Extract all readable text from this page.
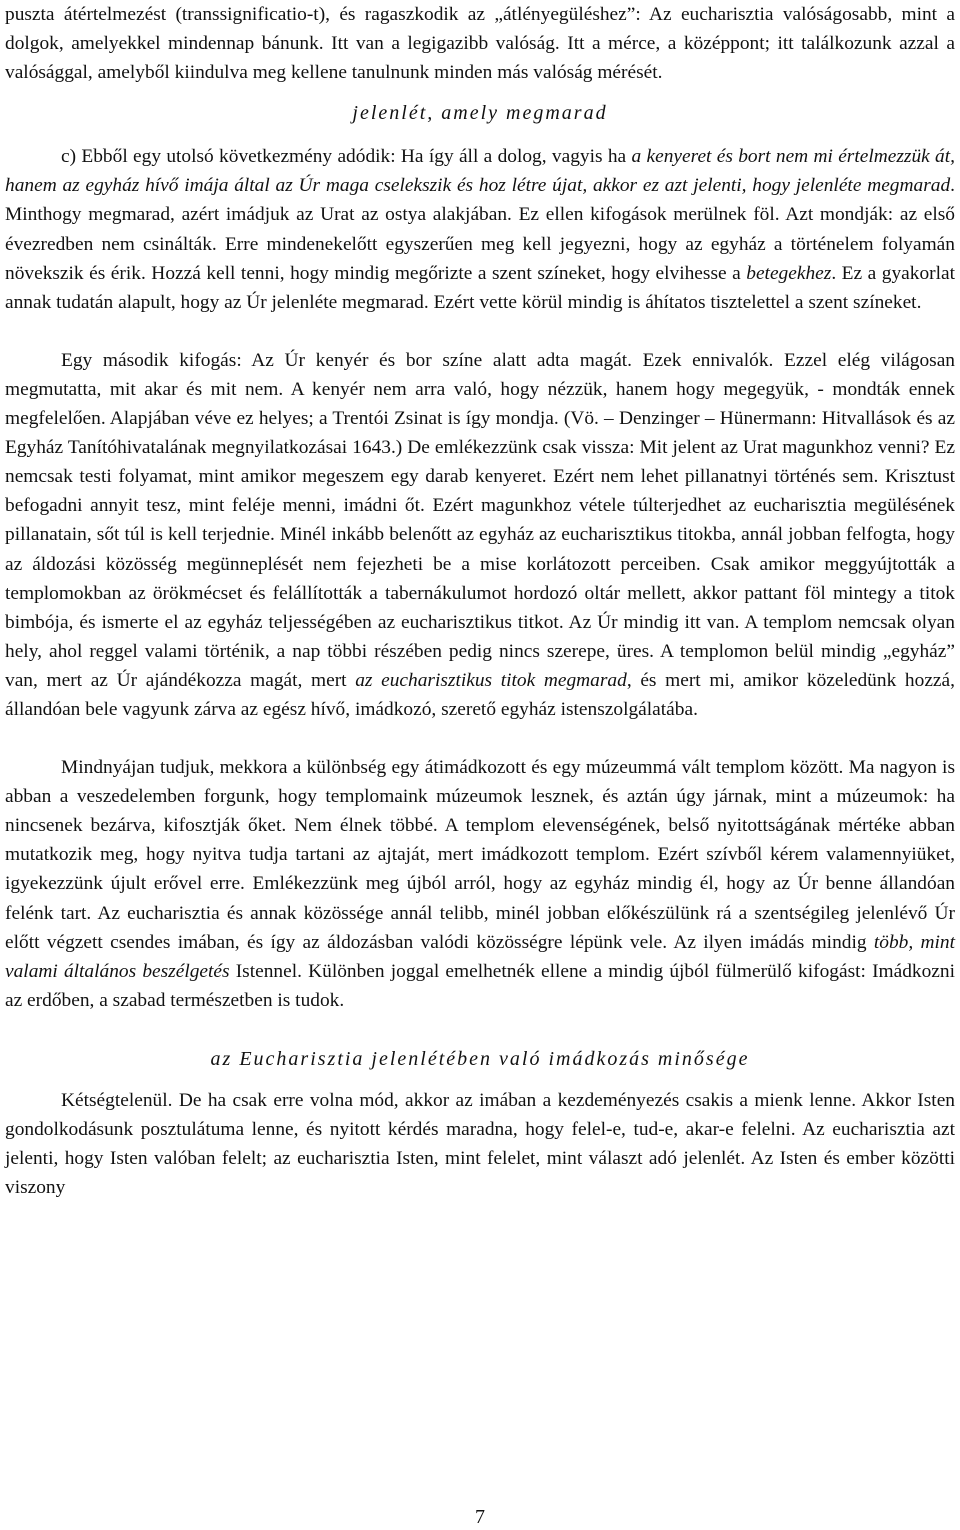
puszta átértelmezést (transsignificatio-t), és ragaszkodik az „átlényegüléshez”: Az eucharisztia valóságosabb, mint a dolgok, amelyekkel mindennap bánunk. Itt van a legigazibb valóság. Itt a mérce, a középpont; itt találkozunk azzal a valósággal, amelyből kiindulva meg kellene tanulnunk minden más valóság mérését.

jelenlét, amely megmarad

c) Ebből egy utolsó következmény adódik: Ha így áll a dolog, vagyis ha a kenyeret és bort nem mi értelmezzük át, hanem az egyház hívő imája által az Úr maga cselekszik és hoz létre újat, akkor ez azt jelenti, hogy jelenléte megmarad. Minthogy megmarad, azért imádjuk az Urat az ostya alakjában. Ez ellen kifogások merülnek föl. Azt mondják: az első évezredben nem csinálták. Erre mindenekelőtt egyszerűen meg kell jegyezni, hogy az egyház a történelem folyamán növekszik és érik. Hozzá kell tenni, hogy mindig megőrizte a szent színeket, hogy elvihesse a betegekhez. Ez a gyakorlat annak tudatán alapult, hogy az Úr jelenléte megmarad. Ezért vette körül mindig is áhítatos tisztelettel a szent színeket.

Egy második kifogás: Az Úr kenyér és bor színe alatt adta magát. Ezek ennivalók. Ezzel elég világosan megmutatta, mit akar és mit nem. A kenyér nem arra való, hogy nézzük, hanem hogy megegyük, - mondták ennek megfelelően. Alapjában véve ez helyes; a Trentói Zsinat is így mondja. (Vö. – Denzinger – Hünermann: Hitvallások és az Egyház Tanítóhivatalának megnyilatkozásai 1643.) De emlékezzünk csak vissza: Mit jelent az Urat magunkhoz venni? Ez nemcsak testi folyamat, mint amikor megeszem egy darab kenyeret. Ezért nem lehet pillanatnyi történés sem. Krisztust befogadni annyit tesz, mint feléje menni, imádni őt. Ezért magunkhoz vétele túlterjedhet az eucharisztia megülésének pillanatain, sőt túl is kell terjednie. Minél inkább belenőtt az egyház az eucharisztikus titokba, annál jobban felfogta, hogy az áldozási közösség megünneplését nem fejezheti be a mise korlátozott perceiben. Csak amikor meggyújtották a templomokban az örökmécset és felállították a tabernákulumot hordozó oltár mellett, akkor pattant föl mintegy a titok bimbója, és ismerte el az egyház teljességében az eucharisztikus titkot. Az Úr mindig itt van. A templom nemcsak olyan hely, ahol reggel valami történik, a nap többi részében pedig nincs szerepe, üres. A templomon belül mindig „egyház” van, mert az Úr ajándékozza magát, mert az eucharisztikus titok megmarad, és mert mi, amikor közeledünk hozzá, állandóan bele vagyunk zárva az egész hívő, imádkozó, szerető egyház istenszolgálatába.

Mindnyájan tudjuk, mekkora a különbség egy átimádkozott és egy múzeummá vált templom között. Ma nagyon is abban a veszedelemben forgunk, hogy templomaink múzeumok lesznek, és aztán úgy járnak, mint a múzeumok: ha nincsenek bezárva, kifosztják őket. Nem élnek többé. A templom elevenségének, belső nyitottságának mértéke abban mutatkozik meg, hogy nyitva tudja tartani az ajtaját, mert imádkozott templom. Ezért szívből kérem valamennyiüket, igyekezzünk újult erővel erre. Emlékezzünk meg újból arról, hogy az egyház mindig él, hogy az Úr benne állandóan felénk tart. Az eucharisztia és annak közössége annál telibb, minél jobban előkészülünk rá a szentségileg jelenlévő Úr előtt végzett csendes imában, és így az áldozásban valódi közösségre lépünk vele. Az ilyen imádás mindig több, mint valami általános beszélgetés Istennel. Különben joggal emelhetnék ellene a mindig újból fülmerülő kifogást: Imádkozni az erdőben, a szabad természetben is tudok.

az Eucharisztia jelenlétében való imádkozás minősége

Kétségtelenül. De ha csak erre volna mód, akkor az imában a kezdeményezés csakis a mienk lenne. Akkor Isten gondolkodásunk posztulátuma lenne, és nyitott kérdés maradna, hogy felel-e, tud-e, akar-e felelni. Az eucharisztia azt jelenti, hogy Isten valóban felelt; az eucharisztia Isten, mint felelet, mint választ adó jelenlét. Az Isten és ember közötti viszony

7
